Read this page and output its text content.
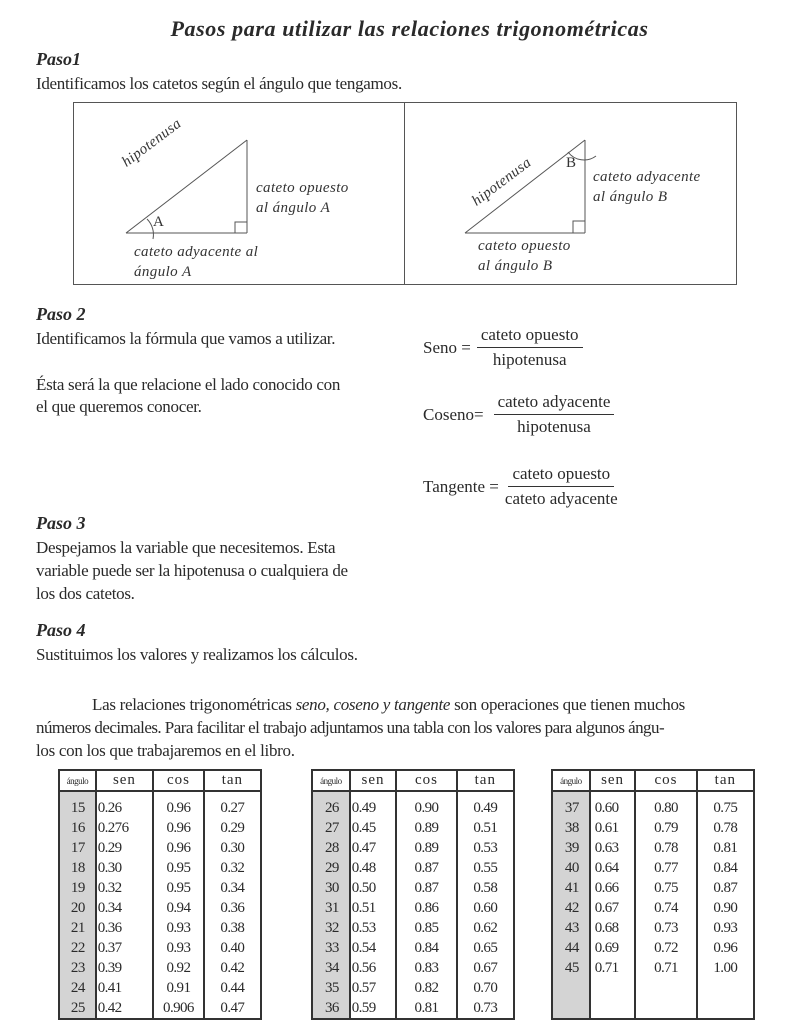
Pasos para utilizar las relaciones trigonométricas
Paso1
Identificamos los catetos según el ángulo que tengamos.
hipotenusa
A
cateto opuesto
al ángulo A
cateto adyacente al
ángulo A
hipotenusa B
cateto adyacente
al ángulo B
cateto opuesto
al ángulo B
Paso 2
Identificamos la fórmula que vamos a utilizar.
Ésta será la que relacione el lado conocido con
el que queremos conocer.
Seno = $\frac{\text{cateto opuesto}}{\text{hipotenusa}}$
Coseno= $\frac{\text{cateto adyacente}}{\text{hipotenusa}}$
Tangente = $\frac{\text{cateto opuesto}}{\text{cateto adyacente}}$
Paso 3
Despejamos la variable que necesitemos. Esta
variable puede ser la hipotenusa o cualquiera de
los dos catetos.
Paso 4
Sustituimos los valores y realizamos los cálculos.
Las relaciones trigonométricas seno, coseno y tangente son operaciones que tienen muchos
números decimales. Para facilitar el trabajo adjuntamos una tabla con los valores para algunos ángu-
los con los que trabajaremos en el libro.
ángulo	sen	cos	tan
15	0.26	0.96	0.27
16	0.276	0.96	0.29
17	0.29	0.96	0.30
18	0.30	0.95	0.32
19	0.32	0.95	0.34
20	0.34	0.94	0.36
21	0.36	0.93	0.38
22	0.37	0.93	0.40
23	0.39	0.92	0.42
24	0.41	0.91	0.44
25	0.42	0.906	0.47
ángulo	sen	cos	tan
26	0.49	0.90	0.49
27	0.45	0.89	0.51
28	0.47	0.89	0.53
29	0.48	0.87	0.55
30	0.50	0.87	0.58
31	0.51	0.86	0.60
32	0.53	0.85	0.62
33	0.54	0.84	0.65
34	0.56	0.83	0.67
35	0.57	0.82	0.70
36	0.59	0.81	0.73
ángulo	sen	cos	tan
37	0.60	0.80	0.75
38	0.61	0.79	0.78
39	0.63	0.78	0.81
40	0.64	0.77	0.84
41	0.66	0.75	0.87
42	0.67	0.74	0.90
43	0.68	0.73	0.93
44	0.69	0.72	0.96
45	0.71	0.71	1.00
